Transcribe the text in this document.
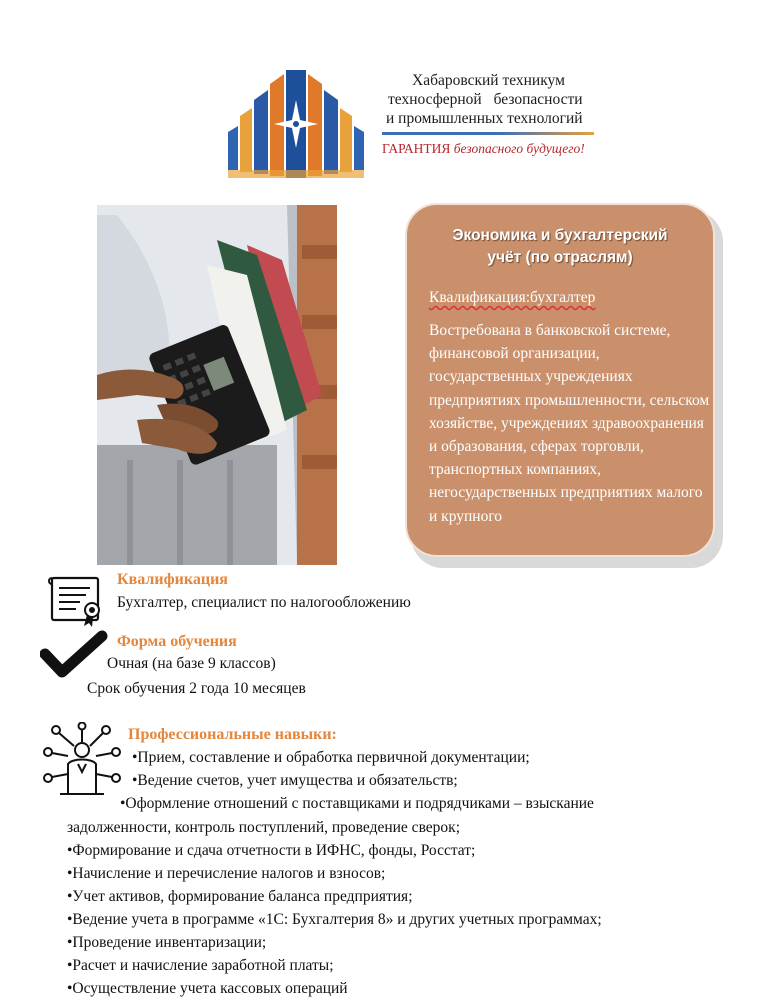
Хабаровский техникум
техносферной безопасности
и промышленных технологий
ГАРАНТИЯ безопасного будущего!
Экономика и бухгалтерский
учёт (по отраслям)
Квалификация:бухгалтер
Востребована в банковской системе, финансовой организации, государственных учреждениях предприятиях промышленности, сельском хозяйстве, учреждениях здравоохранения и образования, сферах торговли, транспортных компаниях, негосударственных предприятиях малого и крупного
Квалификация
Бухгалтер, специалист по налогообложению
Форма обучения
Очная (на базе 9 классов)
Срок обучения 2 года 10 месяцев
Профессиональные навыки:
•Прием, составление и обработка первичной документации;
•Ведение счетов, учет имущества и обязательств;
•Оформление отношений с поставщиками и подрядчиками – взыскание
задолженности, контроль поступлений, проведение сверок;
•Формирование и сдача отчетности в ИФНС, фонды, Росстат;
•Начисление и перечисление налогов и взносов;
•Учет активов, формирование баланса предприятия;
•Ведение учета в программе «1С: Бухгалтерия 8» и других учетных программах;
•Проведение инвентаризации;
•Расчет и начисление заработной платы;
•Осуществление учета кассовых операций
